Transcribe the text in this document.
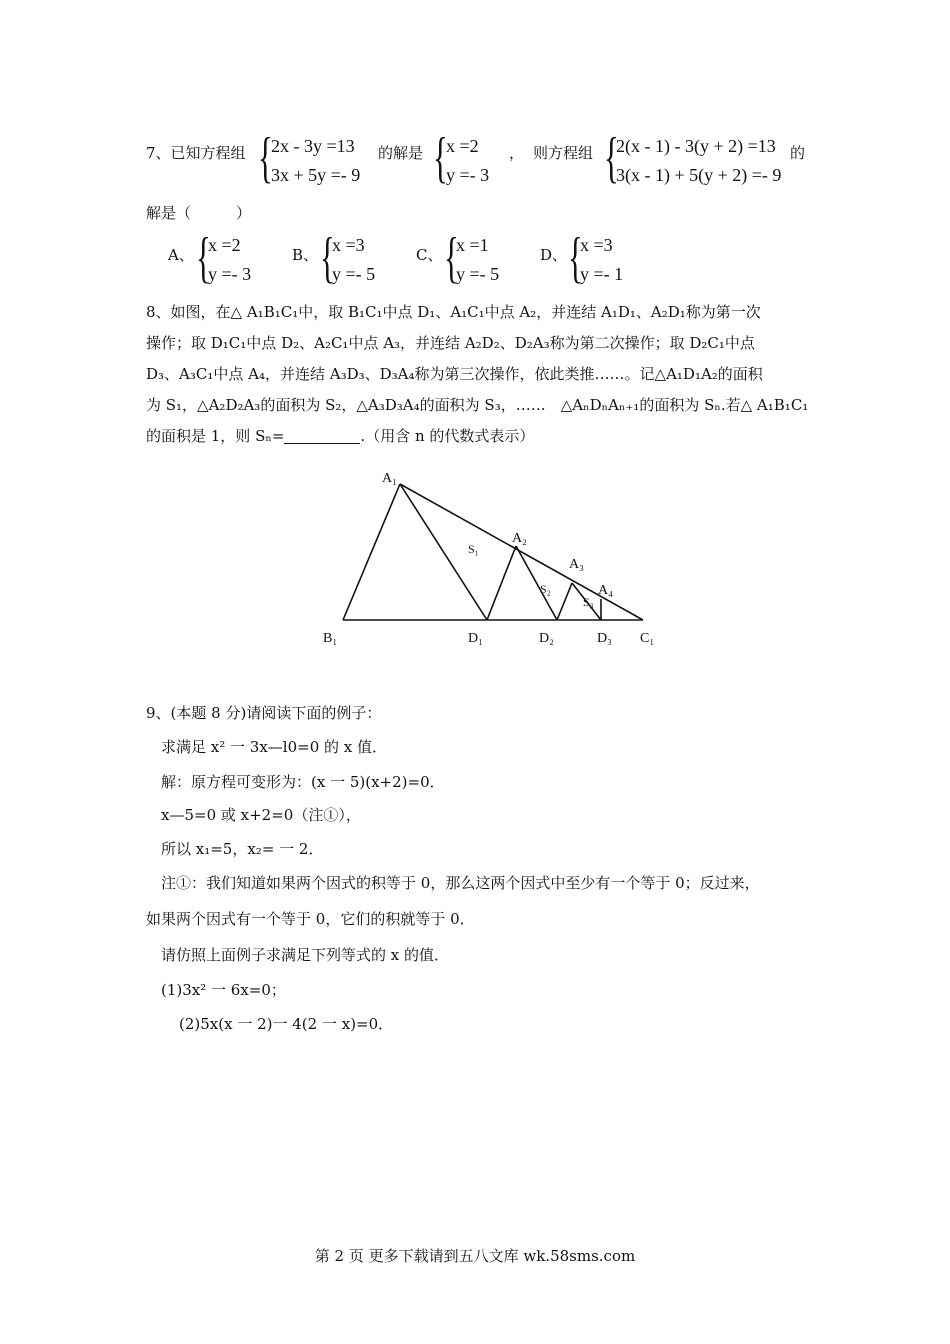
7、已知方程组 {
2x - 3y =13
3x + 5y =- 9
的解是 {
x =2
y =- 3
， 则方程组 {
2(x - 1) - 3(y + 2) =13
3(x - 1) + 5(y + 2) =- 9
的
解是（　　　）
A、 {
x =2
y =- 3
B、 {
x =3
y =- 5
C、 {
x =1
y =- 5
D、 {
x =3
y =- 1
8、如图，在△ A₁B₁C₁中，取 B₁C₁中点 D₁、A₁C₁中点 A₂，并连结 A₁D₁、A₂D₁称为第一次
操作；取 D₁C₁中点 D₂、A₂C₁中点 A₃，并连结 A₂D₂、D₂A₃称为第二次操作；取 D₂C₁中点
D₃、A₃C₁中点 A₄，并连结 A₃D₃、D₃A₄称为第三次操作，依此类推……。记△A₁D₁A₂的面积
为 S₁，△A₂D₂A₃的面积为 S₂，△A₃D₃A₄的面积为 S₃，……　△AₙDₙAₙ₊₁的面积为 Sₙ.若△ A₁B₁C₁
的面积是 1，则 Sₙ=	.（用含 n 的代数式表示）
A₁
A₂
A₃
A₄
B₁	D₁	D₂	D₃ C₁
S₁
S₂
S₃
9、(本题 8 分)请阅读下面的例子：
求满足 x² 一 3x—l0=0 的 x 值．
解：原方程可变形为：(x 一 5)(x+2)=0．
x—5=0 或 x+2=0（注①），
所以 x₁=5，x₂= 一 2．
注①：我们知道如果两个因式的积等于 0，那么这两个因式中至少有一个等于 0；反过来，
如果两个因式有一个等于 0，它们的积就等于 0．
请仿照上面例子求满足下列等式的 x 的值．
(1)3x² 一 6x=0；
(2)5x(x 一 2)一 4(2 一 x)=0．
第 2 页 更多下载请到五八文库 wk.58sms.com
